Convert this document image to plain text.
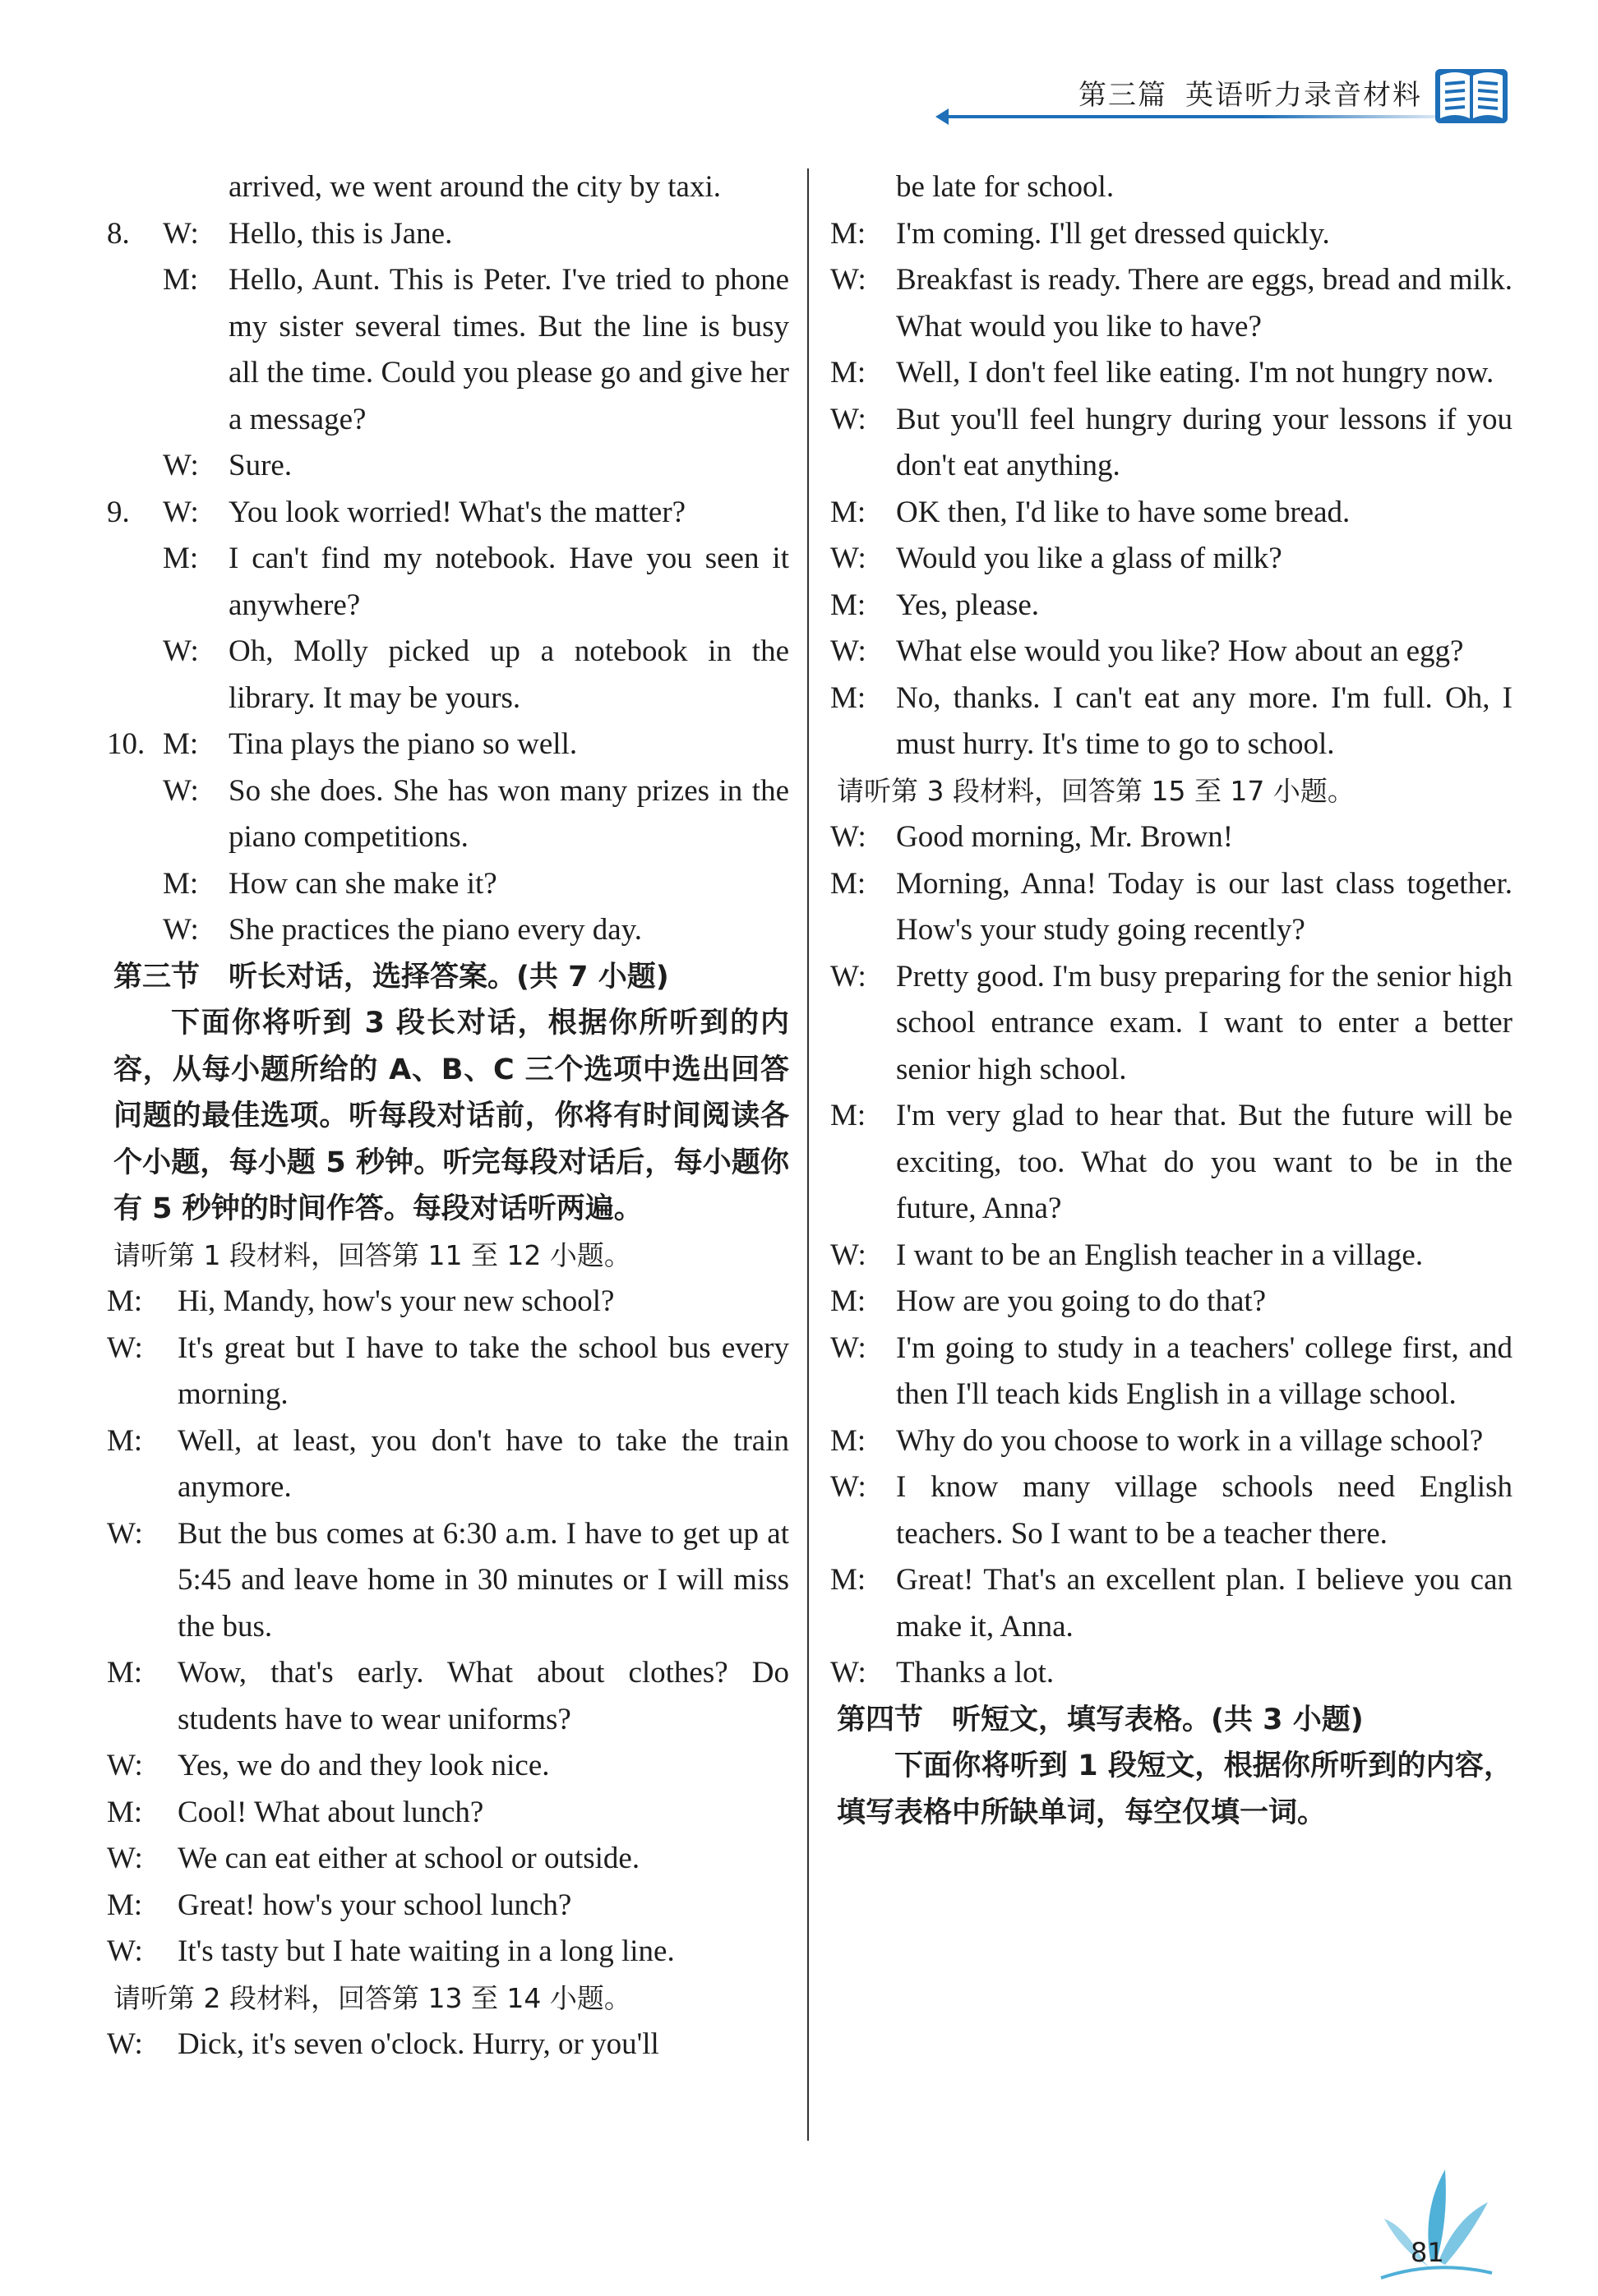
第三篇 英语听力录音材料
arrived, we went around the city by taxi.
8. W: Hello, this is Jane.
M: Hello, Aunt. This is Peter. I've tried to phone my sister several times. But the line is busy all the time. Could you please go and give her a message?
W: Sure.
9. W: You look worried! What's the matter?
M: I can't find my notebook. Have you seen it anywhere?
W: Oh, Molly picked up a notebook in the library. It may be yours.
10. M: Tina plays the piano so well.
W: So she does. She has won many prizes in the piano competitions.
M: How can she make it?
W: She practices the piano every day.
第三节　听长对话，选择答案。(共 7 小题)
下面你将听到 3 段长对话，根据你所听到的内容，从每小题所给的 A、B、C 三个选项中选出回答问题的最佳选项。听每段对话前，你将有时间阅读各个小题，每小题 5 秒钟。听完每段对话后，每小题你有 5 秒钟的时间作答。每段对话听两遍。
请听第 1 段材料，回答第 11 至 12 小题。
M:	Hi, Mandy, how's your new school?
W:	It's great but I have to take the school bus every morning.
M:	Well, at least, you don't have to take the train anymore.
W:	But the bus comes at 6:30 a.m. I have to get up at 5:45 and leave home in 30 minutes or I will miss the bus.
M:	Wow, that's early. What about clothes? Do students have to wear uniforms?
W:	Yes, we do and they look nice.
M:	Cool! What about lunch?
W:	We can eat either at school or outside.
M:	Great! how's your school lunch?
W:	It's tasty but I hate waiting in a long line.
请听第 2 段材料，回答第 13 至 14 小题。
W:	Dick, it's seven o'clock. Hurry, or you'll
be late for school.
M: I'm coming. I'll get dressed quickly.
W: Breakfast is ready. There are eggs, bread and milk. What would you like to have?
M: Well, I don't feel like eating. I'm not hungry now.
W: But you'll feel hungry during your lessons if you don't eat anything.
M: OK then, I'd like to have some bread.
W: Would you like a glass of milk?
M: Yes, please.
W: What else would you like? How about an egg?
M: No, thanks. I can't eat any more. I'm full. Oh, I must hurry. It's time to go to school.
请听第 3 段材料，回答第 15 至 17 小题。
W: Good morning, Mr. Brown!
M: Morning, Anna! Today is our last class together. How's your study going recently?
W: Pretty good. I'm busy preparing for the senior high school entrance exam. I want to enter a better senior high school.
M: I'm very glad to hear that. But the future will be exciting, too. What do you want to be in the future, Anna?
W: I want to be an English teacher in a village.
M: How are you going to do that?
W: I'm going to study in a teachers' college first, and then I'll teach kids English in a village school.
M: Why do you choose to work in a village school?
W: I know many village schools need English teachers. So I want to be a teacher there.
M: Great! That's an excellent plan. I believe you can make it, Anna.
W: Thanks a lot.
第四节　听短文，填写表格。(共 3 小题)
下面你将听到 1 段短文，根据你所听到的内容，填写表格中所缺单词，每空仅填一词。
81
